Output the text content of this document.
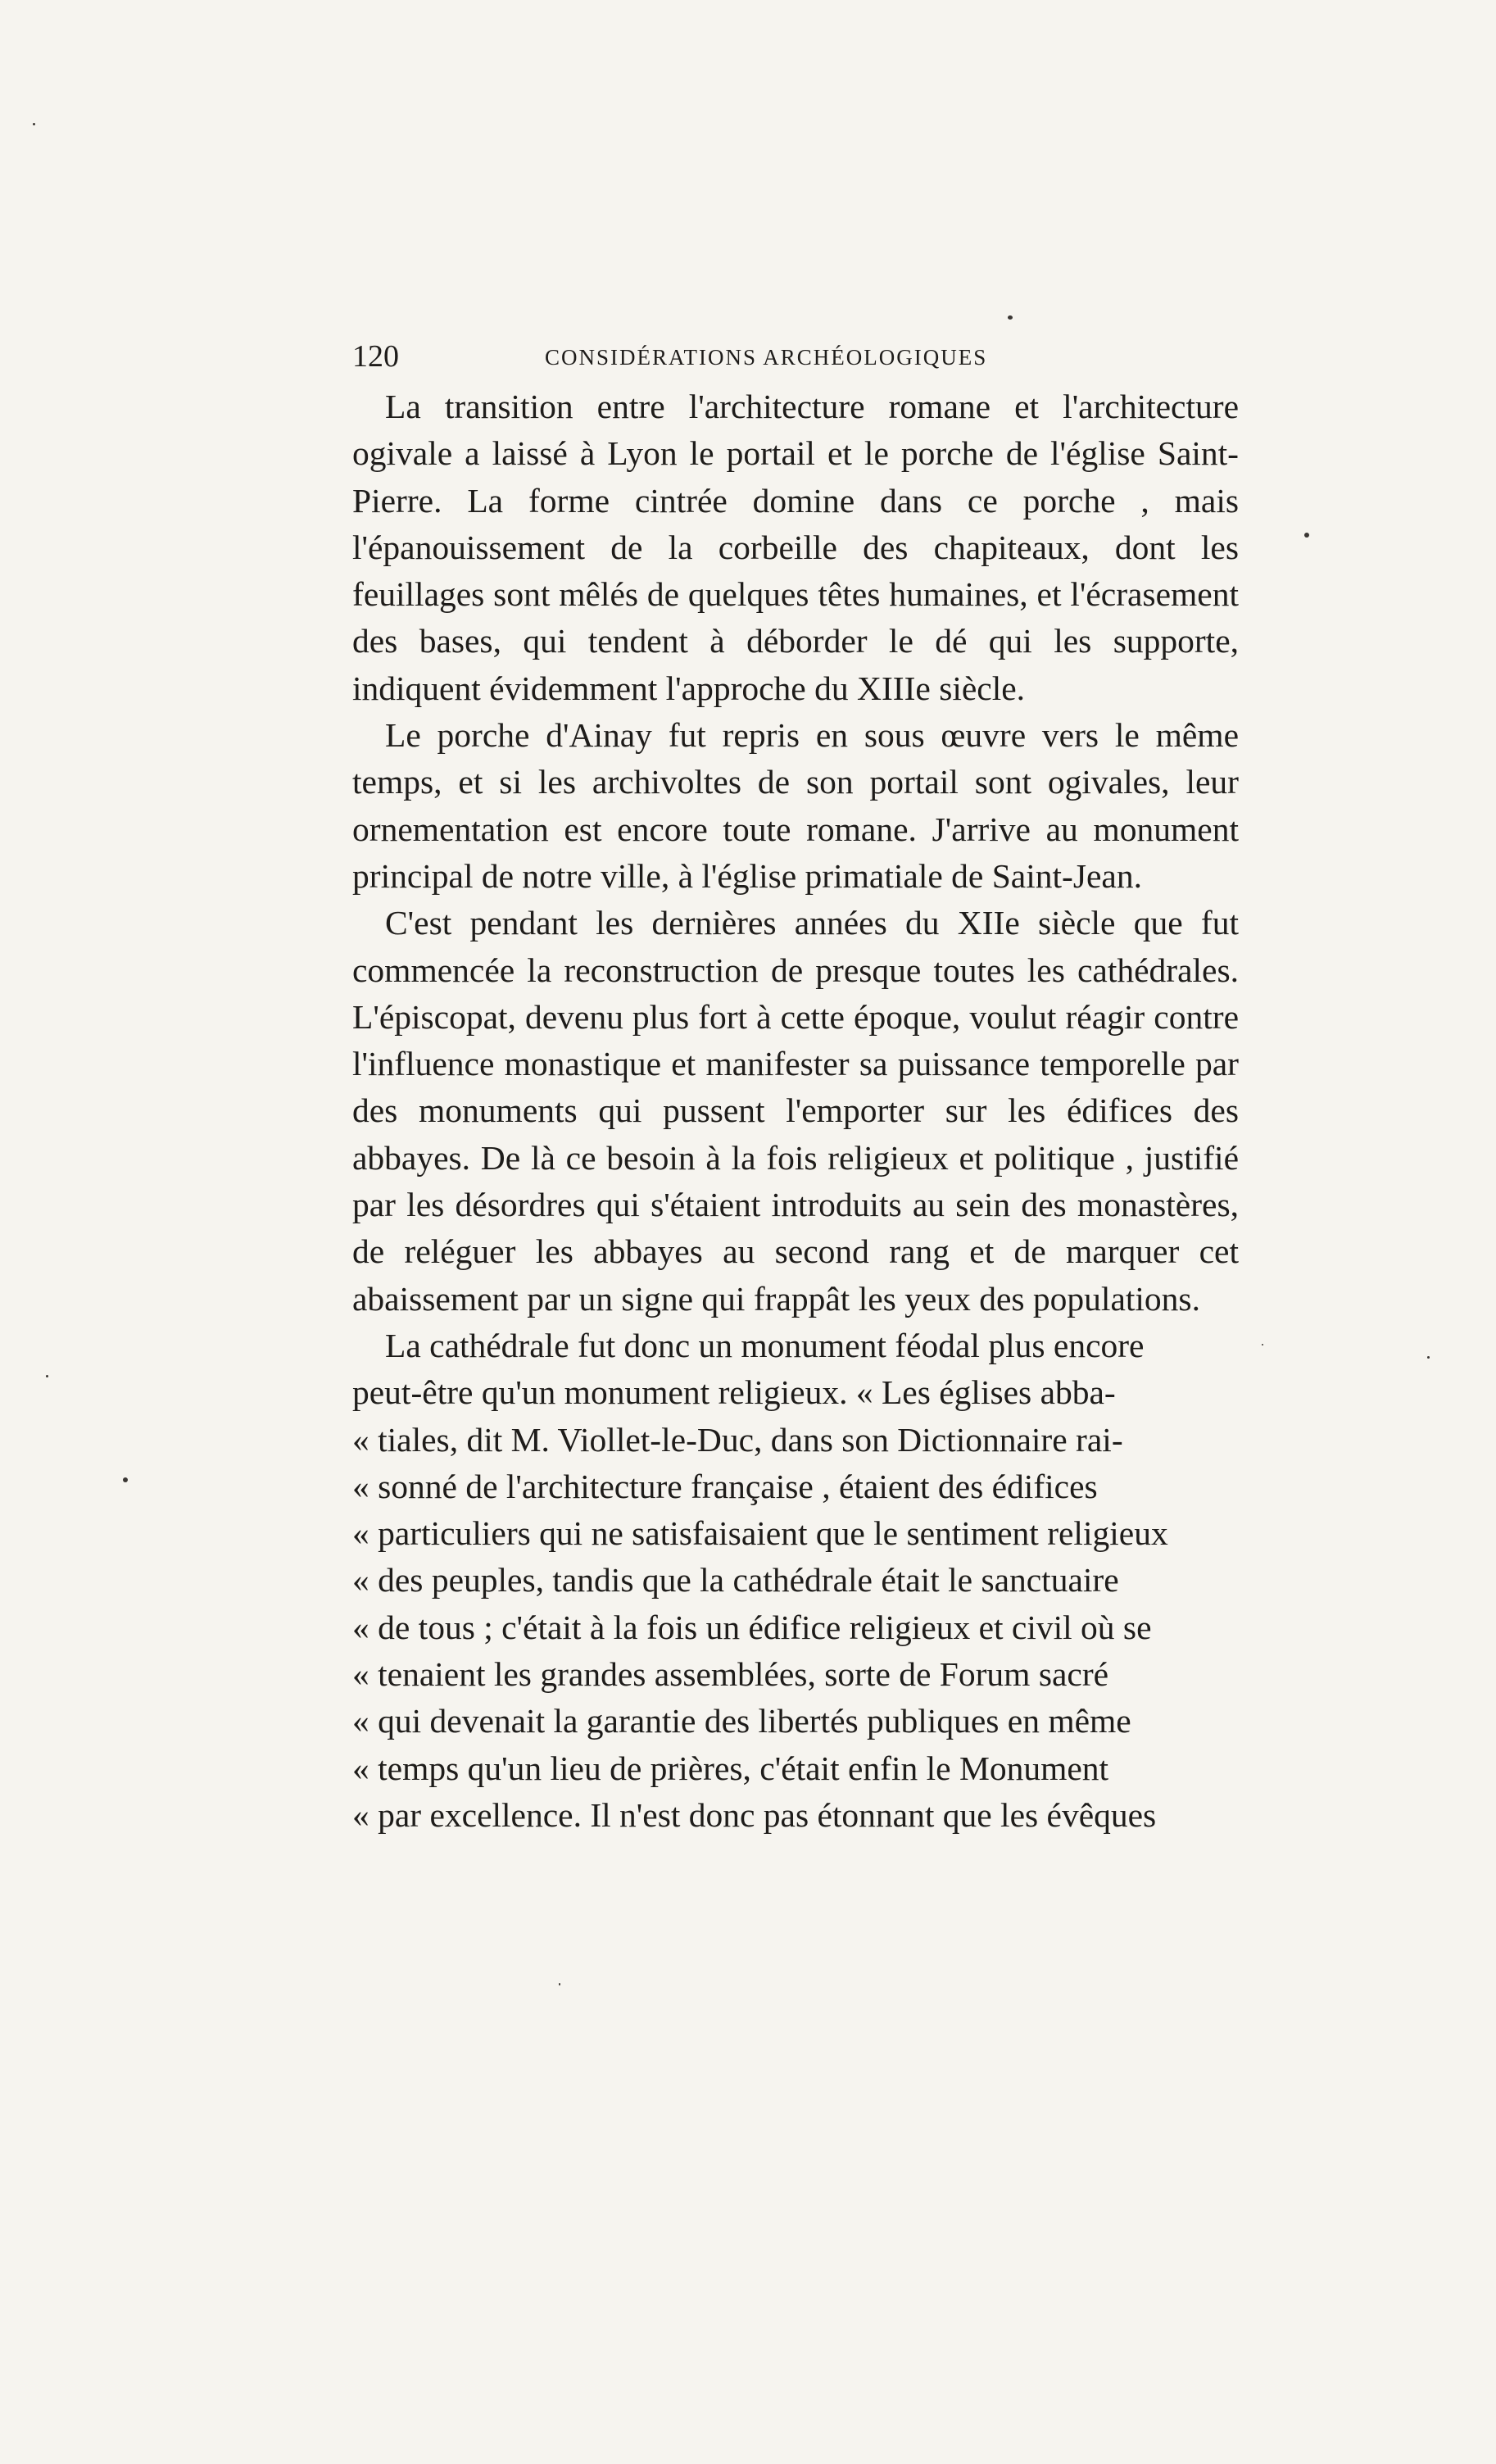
120	CONSIDÉRATIONS ARCHÉOLOGIQUES

La transition entre l'architecture romane et l'architecture ogivale a laissé à Lyon le portail et le porche de l'église Saint-Pierre. La forme cintrée domine dans ce porche , mais l'épanouissement de la corbeille des chapiteaux, dont les feuillages sont mêlés de quelques têtes humaines, et l'écrasement des bases, qui tendent à déborder le dé qui les supporte, indiquent évidemment l'approche du XIIIe siècle.

Le porche d'Ainay fut repris en sous œuvre vers le même temps, et si les archivoltes de son portail sont ogivales, leur ornementation est encore toute romane. J'arrive au monument principal de notre ville, à l'église primatiale de Saint-Jean.

C'est pendant les dernières années du XIIe siècle que fut commencée la reconstruction de presque toutes les cathédrales. L'épiscopat, devenu plus fort à cette époque, voulut réagir contre l'influence monastique et manifester sa puissance temporelle par des monuments qui pussent l'emporter sur les édifices des abbayes. De là ce besoin à la fois religieux et politique , justifié par les désordres qui s'étaient introduits au sein des monastères, de reléguer les abbayes au second rang et de marquer cet abaissement par un signe qui frappât les yeux des populations.

La cathédrale fut donc un monument féodal plus encore
peut-être qu'un monument religieux. « Les églises abba-
« tiales, dit M. Viollet-le-Duc, dans son Dictionnaire rai-
« sonné de l'architecture française , étaient des édifices
« particuliers qui ne satisfaisaient que le sentiment religieux
« des peuples, tandis que la cathédrale était le sanctuaire
« de tous ; c'était à la fois un édifice religieux et civil où se
« tenaient les grandes assemblées, sorte de Forum sacré
« qui devenait la garantie des libertés publiques en même
« temps qu'un lieu de prières, c'était enfin le Monument
« par excellence. Il n'est donc pas étonnant que les évêques
